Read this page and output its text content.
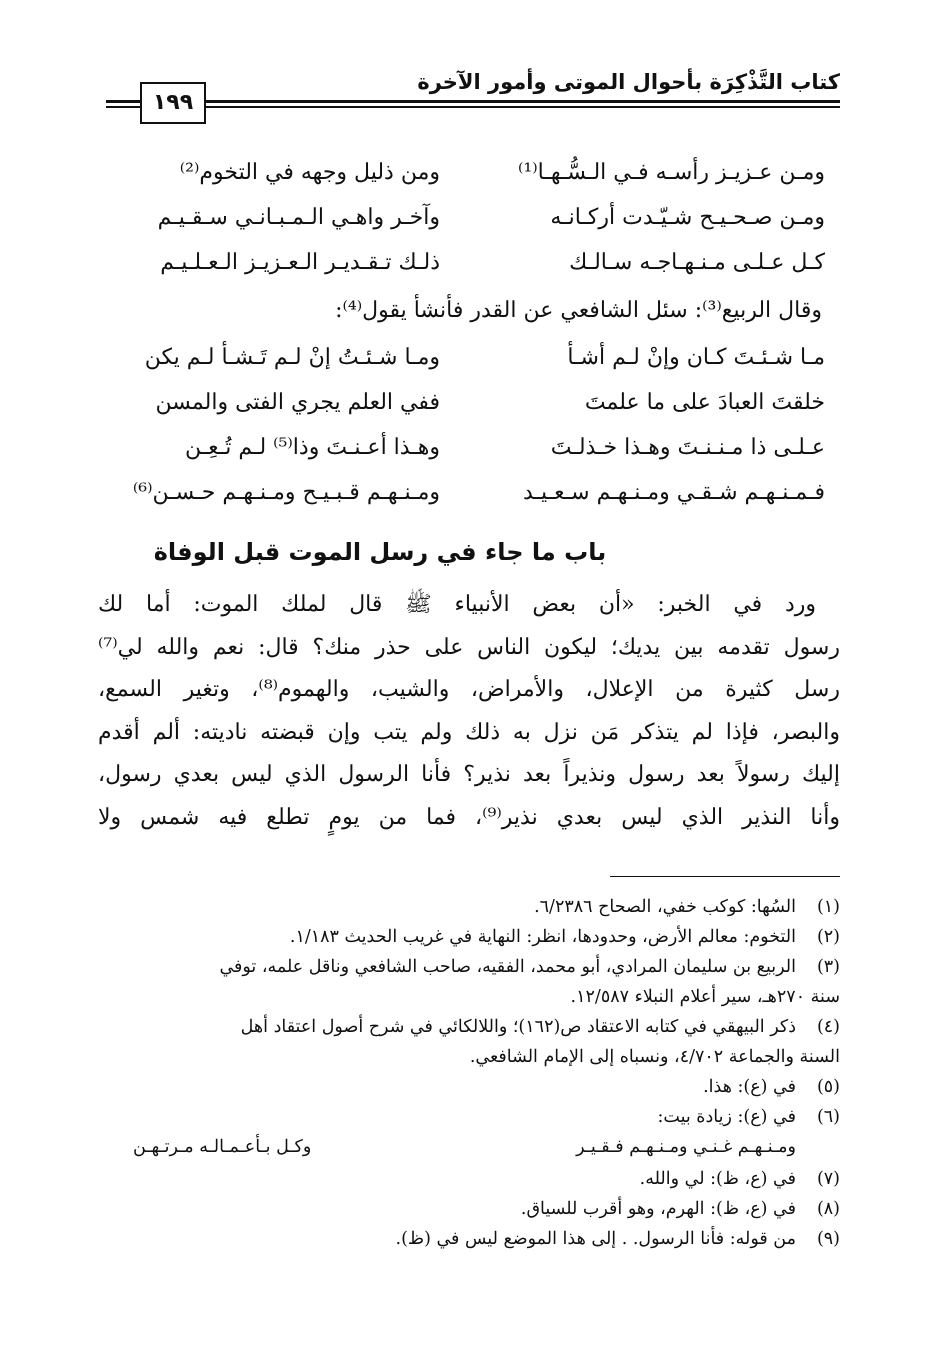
كتاب التَّذْكِرَة بأحوال الموتى وأمور الآخرة
١٩٩
ومـن عـزيـز رأسـه فـي الـسُّـهـا⁽¹⁾
ومن ذليل وجهه في التخوم⁽²⁾
ومـن صـحـيـح شـيّـدت أركـانـه
وآخـر واهـي الـمـبـانـي سـقـيـم
كـل عـلـى مـنـهـاجـه سـالـك
ذلـك تـقـديـر الـعـزيـز الـعـلـيـم
وقال الربيع⁽³⁾: سئل الشافعي عن القدر فأنشأ يقول⁽⁴⁾:
مـا شـئـتَ كـان وإنْ لـم أشـأ
ومـا شـئـتُ إنْ لـم تَـشـأ لـم يكن
خلقتَ العبادَ على ما علمتَ
ففي العلم يجري الفتى والمسن
عـلـى ذا مـنـنـتَ وهـذا خـذلـتَ
وهـذا أعـنـتَ وذا⁽⁵⁾ لـم تُـعِـن
فـمـنـهـم شـقـي ومـنـهـم سـعـيـد
ومـنـهـم قـبـيـح ومـنـهـم حـسـن⁽⁶⁾
باب ما جاء في رسل الموت قبل الوفاة
ورد في الخبر: «أن بعض الأنبياء ﷺ قال لملك الموت: أما لك
رسول تقدمه بين يديك؛ ليكون الناس على حذر منك؟ قال: نعم والله لي⁽⁷⁾
رسل كثيرة من الإعلال، والأمراض، والشيب، والهموم⁽⁸⁾، وتغير السمع،
والبصر، فإذا لم يتذكر مَن نزل به ذلك ولم يتب وإن قبضته ناديته: ألم أقدم
إليك رسولاً بعد رسول ونذيراً بعد نذير؟ فأنا الرسول الذي ليس بعدي رسول،
وأنا النذير الذي ليس بعدي نذير⁽⁹⁾، فما من يومٍ تطلع فيه شمس ولا
(١)
السُها: كوكب خفي، الصحاح ٦/٢٣٨٦.
(٢)
التخوم: معالم الأرض، وحدودها، انظر: النهاية في غريب الحديث ١/١٨٣.
(٣)
الربيع بن سليمان المرادي، أبو محمد، الفقيه، صاحب الشافعي وناقل علمه، توفي
سنة ٢٧٠هـ، سير أعلام النبلاء ١٢/٥٨٧.
(٤)
ذكر البيهقي في كتابه الاعتقاد ص(١٦٢)؛ واللالكائي في شرح أصول اعتقاد أهل
السنة والجماعة ٤/٧٠٢، ونسباه إلى الإمام الشافعي.
(٥)
في (ع): هذا.
(٦)
في (ع): زيادة بيت:
ومـنـهـم غـنـي ومـنـهـم فـقـيـر
وكـل بـأعـمـالـه مـرتـهـن
(٧)
في (ع، ظ): لي والله.
(٨)
في (ع، ظ): الهرم، وهو أقرب للسياق.
(٩)
من قوله: فأنا الرسول. . إلى هذا الموضع ليس في (ظ).
